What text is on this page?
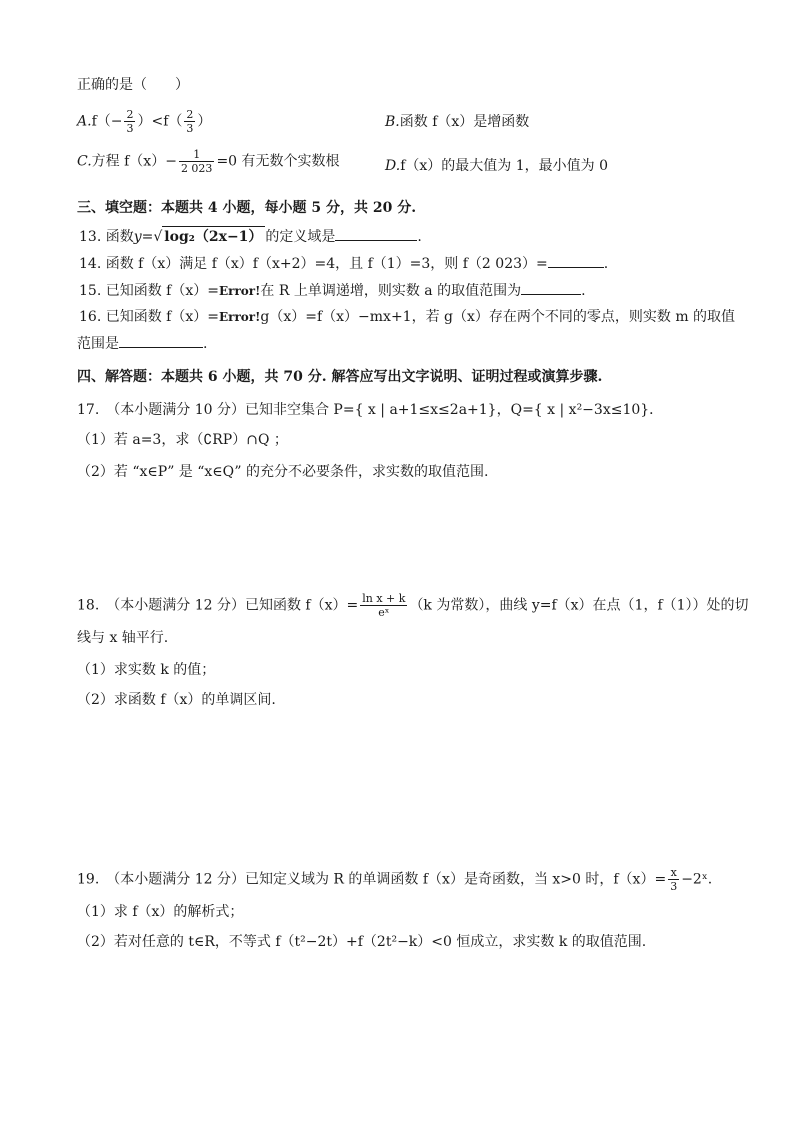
正确的是（　　）
$A.f(- \frac{2}{3} )<f( \frac{2}{3}$ ）	B.函数 f（x）是增函数
C.方程 $f(x)- \frac{1}{2 023} =0$ 有无数个实数根	D.f（x）的最大值为 1，最小值为 0
三、填空题：本题共 4 小题，每小题 5 分，共 20 分.
13. 函数y=√ log₂（2x−1） 的定义域是	.
14. 函数 f（x）满足 f（x）f（x+2）=4，且 f（1）=3，则 f（2 023）=	.
15. 已知函数 f（x）=Error!在 R 上单调递增，则实数 a 的取值范围为	.
16. 已知函数 f（x）=Error!g（x）=f（x）−mx+1，若 g（x）存在两个不同的零点，则实数 m 的取值
范围是	.
四、解答题：本题共 6 小题，共 70 分. 解答应写出文字说明、证明过程或演算步骤.
17.　（本小题满分 10 分）已知非空集合 P={ x | a+1≤x≤2a+1}，Q={ x | x²−3x≤10}．
（1）若 a=3，求（∁RP）∩Q ；
（2）若 “x∈P” 是 “x∈Q” 的充分不必要条件，求实数的取值范围.
18.　（本小题满分 12 分）已知函数 $f(x)= \frac{\text{ln x + k}}{\text{eˣ}} (k$ 为常数），曲线 y=f（x）在点（1，f（1））处的切
线与 x 轴平行.
（1）求实数 k 的值；
（2）求函数 f（x）的单调区间.
19.　（本小题满分 12 分）已知定义域为 R 的单调函数 f（x）是奇函数，当 x>0 时，$f(x)= \frac{x}{3}$ −2ˣ.
（1）求 f（x）的解析式；
（2）若对任意的 t∈R，不等式 f（t²−2t）+f（2t²−k）<0 恒成立，求实数 k 的取值范围.
